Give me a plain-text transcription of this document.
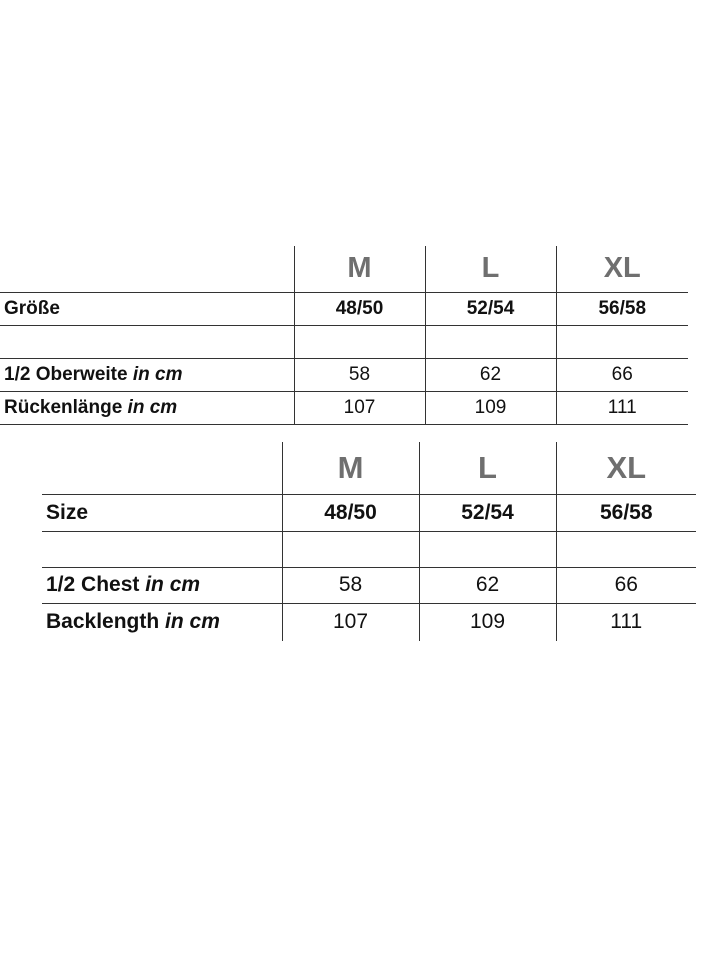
	M	L	XL
Größe	48/50	52/54	56/58

1/2 Oberweite in cm	58	62	66
Rückenlänge in cm	107	109	111
	M	L	XL
Size	48/50	52/54	56/58

1/2 Chest in cm	58	62	66
Backlength in cm	107	109	111
